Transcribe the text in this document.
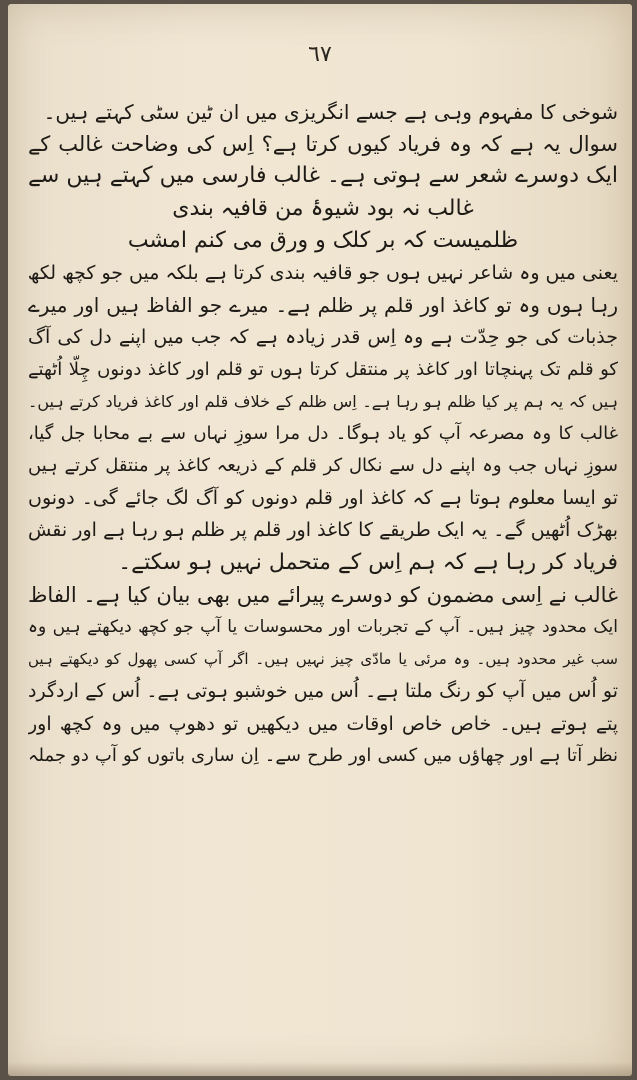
٦٧
شوخی کا مفہوم وہی ہے جسے انگریزی میں ان ٹین سٹی کہتے ہیں۔
سوال یہ ہے کہ وہ فریاد کیوں کرتا ہے؟ اِس کی وضاحت غالب کے
ایک دوسرے شعر سے ہوتی ہے۔ غالب فارسی میں کہتے ہیں سے
غالب نہ بود شیوۂ من قافیہ بندی
ظلمیست کہ بر کلک و ورق می کنم امشب
یعنی میں وہ شاعر نہیں ہوں جو قافیہ بندی کرتا ہے بلکہ میں جو کچھ لکھ
رہا ہوں وہ تو کاغذ اور قلم پر ظلم ہے۔ میرے جو الفاظ ہیں اور میرے
جذبات کی جو حِدّت ہے وہ اِس قدر زیادہ ہے کہ جب میں اپنے دل کی آگ
کو قلم تک پہنچاتا اور کاغذ پر منتقل کرتا ہوں تو قلم اور کاغذ دونوں چِلّا اُٹھتے
ہیں کہ یہ ہم پر کیا ظلم ہو رہا ہے۔ اِس ظلم کے خلاف قلم اور کاغذ فریاد کرتے ہیں۔
غالب کا وہ مصرعہ آپ کو یاد ہوگا۔ دل مرا سوزِ نہاں سے بے محابا جل گیا،
سوزِ نہاں جب وہ اپنے دل سے نکال کر قلم کے ذریعہ کاغذ پر منتقل کرتے ہیں
تو ایسا معلوم ہوتا ہے کہ کاغذ اور قلم دونوں کو آگ لگ جائے گی۔ دونوں
بھڑک اُٹھیں گے۔ یہ ایک طریقے کا کاغذ اور قلم پر ظلم ہو رہا ہے اور نقش
فریاد کر رہا ہے کہ ہم اِس کے متحمل نہیں ہو سکتے۔
غالب نے اِسی مضمون کو دوسرے پیرائے میں بھی بیان کیا ہے۔ الفاظ
ایک محدود چیز ہیں۔ آپ کے تجربات اور محسوسات یا آپ جو کچھ دیکھتے ہیں وہ
سب غیر محدود ہیں۔ وہ مرئی یا مادّی چیز نہیں ہیں۔ اگر آپ کسی پھول کو دیکھتے ہیں
تو اُس میں آپ کو رنگ ملتا ہے۔ اُس میں خوشبو ہوتی ہے۔ اُس کے اردگرد
پتے ہوتے ہیں۔ خاص خاص اوقات میں دیکھیں تو دھوپ میں وہ کچھ اور
نظر آتا ہے اور چھاؤں میں کسی اور طرح سے۔ اِن ساری باتوں کو آپ دو جملہ
